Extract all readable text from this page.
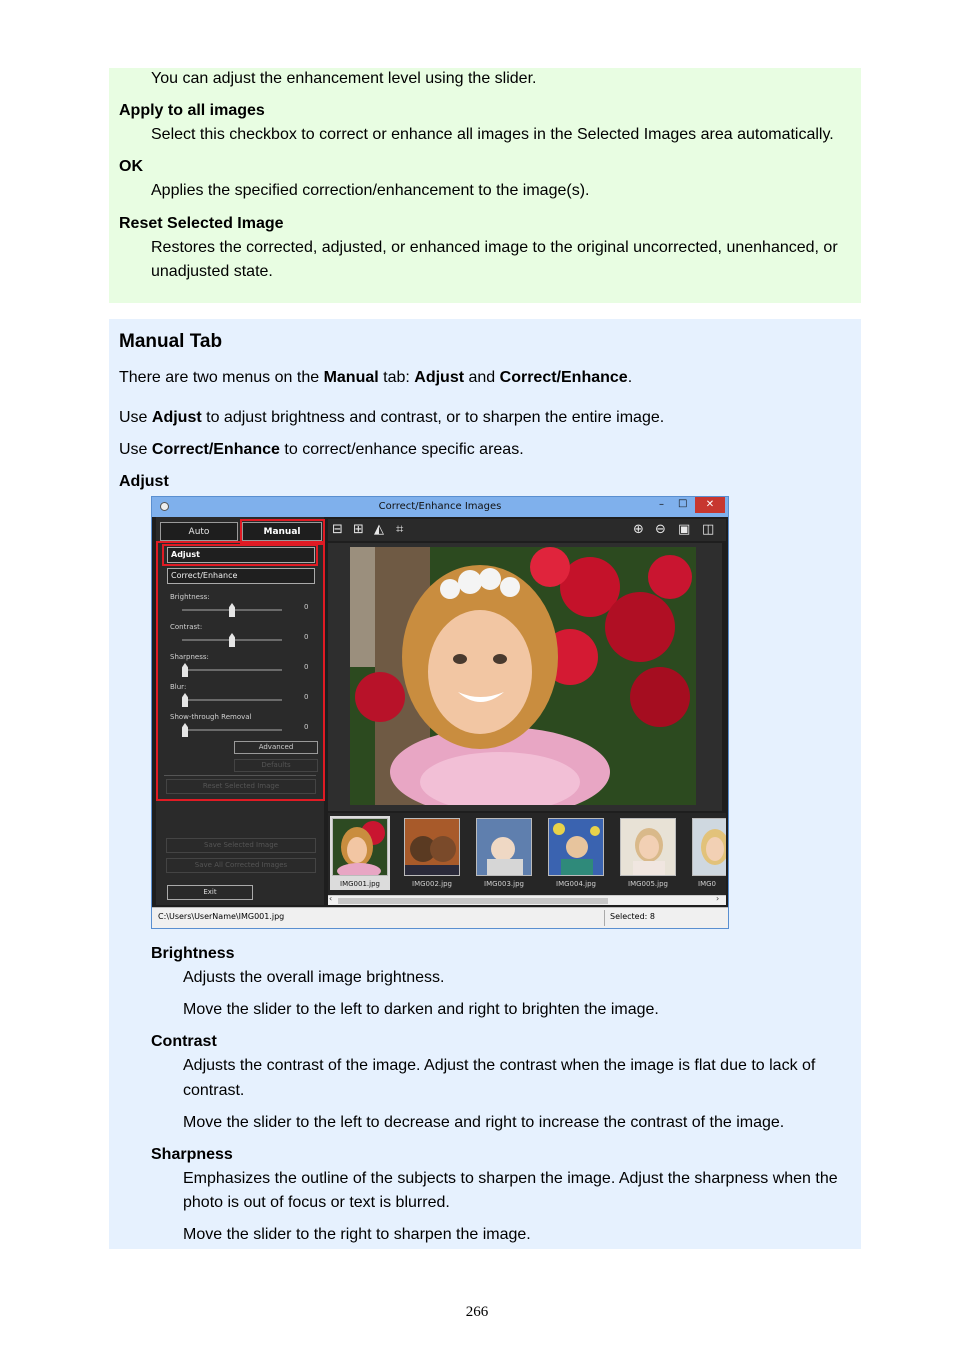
You can adjust the enhancement level using the slider.
Apply to all images
Select this checkbox to correct or enhance all images in the Selected Images area automatically.
OK
Applies the specified correction/enhancement to the image(s).
Reset Selected Image
Restores the corrected, adjusted, or enhanced image to the original uncorrected, unenhanced, or
unadjusted state.
Manual Tab
There are two menus on the Manual tab: Adjust and Correct/Enhance.
Use Adjust to adjust brightness and contrast, or to sharpen the entire image.
Use Correct/Enhance to correct/enhance specific areas.
Adjust
Brightness
Adjusts the overall image brightness.
Move the slider to the left to darken and right to brighten the image.
Contrast
Adjusts the contrast of the image. Adjust the contrast when the image is flat due to lack of
contrast.
Move the slider to the left to decrease and right to increase the contrast of the image.
Sharpness
Emphasizes the outline of the subjects to sharpen the image. Adjust the sharpness when the
photo is out of focus or text is blurred.
Move the slider to the right to sharpen the image.
Correct/Enhance Images	– □	✕
Auto	Manual
Adjust
Correct/Enhance
Brightness:
0
Contrast:
0
Sharpness:
0
Blur:
0
Show-through Removal
0
Advanced
Defaults
Reset Selected Image
Save Selected Image
Save All Corrected Images
Exit
⊟ ⊞ ◭ ⌗	⊕ ⊖ ▣ ◫
IMG001.jpg	IMG002.jpg	IMG003.jpg	IMG004.jpg	IMG005.jpg	IMG0
‹	›
C:\Users\UserName\IMG001.jpg	Selected: 8
266
